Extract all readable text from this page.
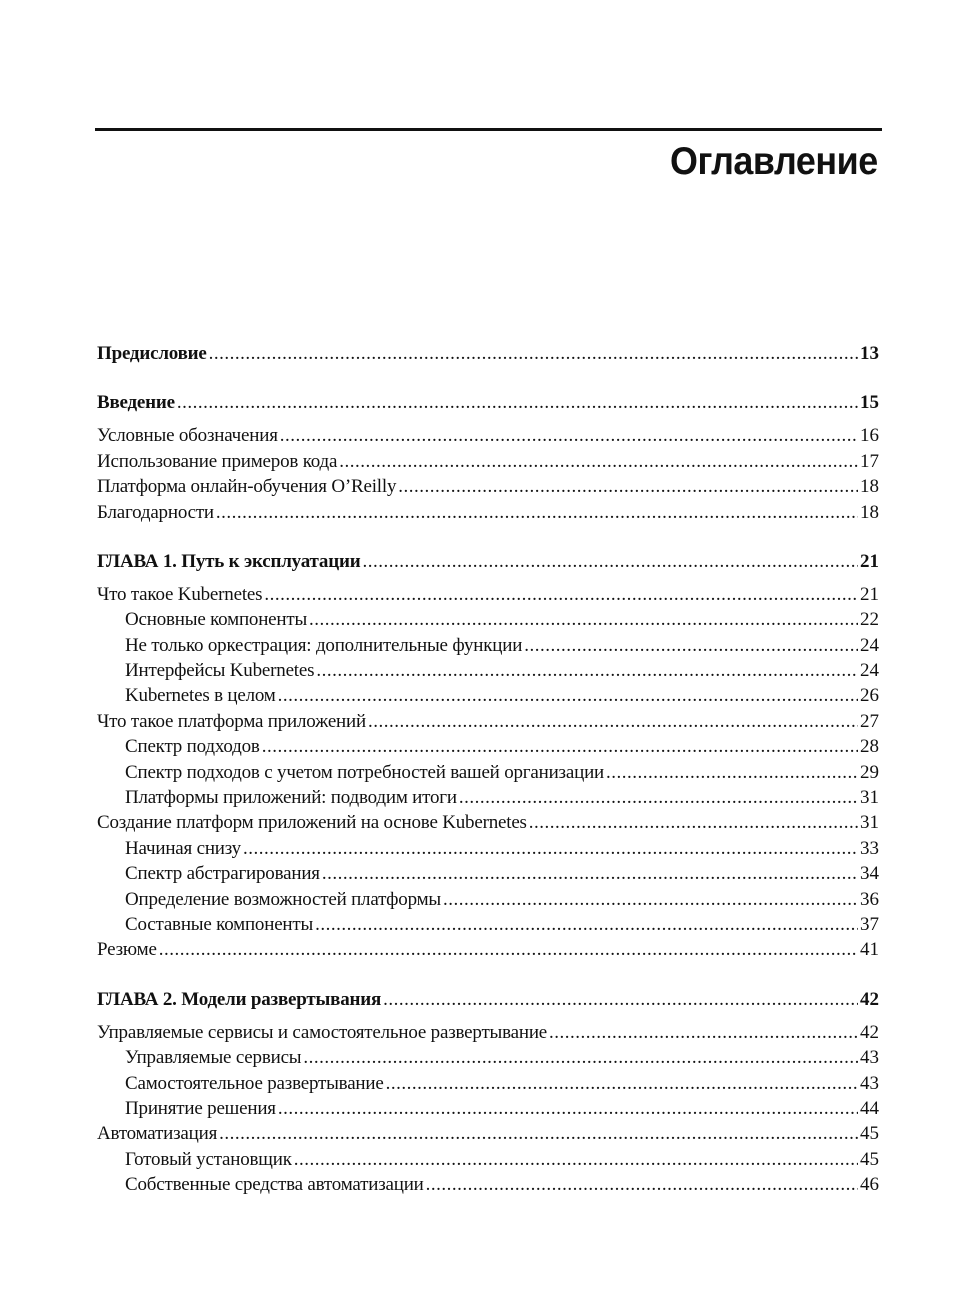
Оглавление
Предисловие .....	13
Введение .....	15
Условные обозначения .....	16
Использование примеров кода .....	17
Платформа онлайн-обучения O’Reilly .....	18
Благодарности .....	18
ГЛАВА 1. Путь к эксплуатации .....	21
Что такое Kubernetes .....	21
Основные компоненты .....	22
Не только оркестрация: дополнительные функции .....	24
Интерфейсы Kubernetes .....	24
Kubernetes в целом .....	26
Что такое платформа приложений .....	27
Спектр подходов .....	28
Спектр подходов с учетом потребностей вашей организации .....	29
Платформы приложений: подводим итоги .....	31
Создание платформ приложений на основе Kubernetes .....	31
Начиная снизу .....	33
Спектр абстрагирования .....	34
Определение возможностей платформы .....	36
Составные компоненты .....	37
Резюме .....	41
ГЛАВА 2. Модели развертывания .....	42
Управляемые сервисы и самостоятельное развертывание .....	42
Управляемые сервисы .....	43
Самостоятельное развертывание .....	43
Принятие решения .....	44
Автоматизация .....	45
Готовый установщик .....	45
Собственные средства автоматизации .....	46
